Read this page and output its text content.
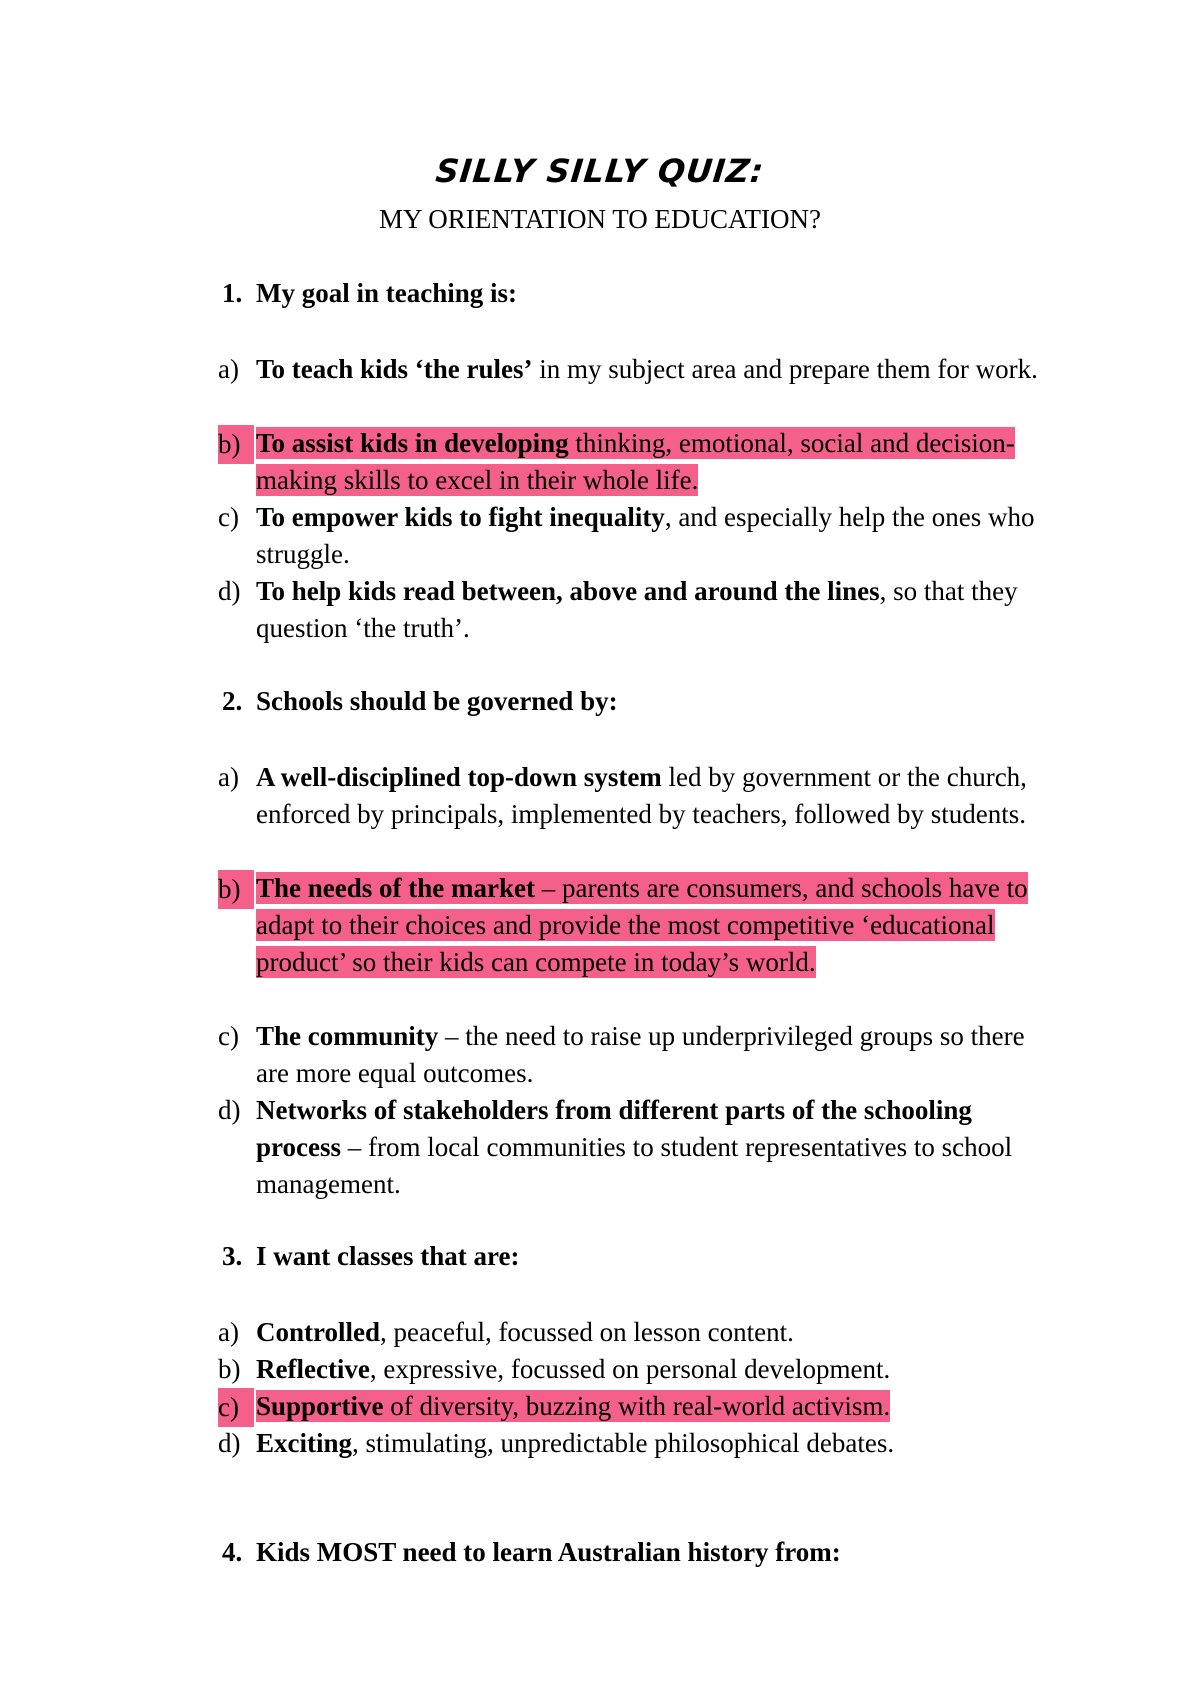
SILLY SILLY QUIZ:
MY ORIENTATION TO EDUCATION?
1. My goal in teaching is:
a) To teach kids ‘the rules’ in my subject area and prepare them for work.
b) To assist kids in developing thinking, emotional, social and decision-making skills to excel in their whole life.
c) To empower kids to fight inequality, and especially help the ones who struggle.
d) To help kids read between, above and around the lines, so that they question ‘the truth’.
2. Schools should be governed by:
a) A well-disciplined top-down system led by government or the church, enforced by principals, implemented by teachers, followed by students.
b) The needs of the market – parents are consumers, and schools have to adapt to their choices and provide the most competitive ‘educational product’ so their kids can compete in today’s world.
c) The community – the need to raise up underprivileged groups so there are more equal outcomes.
d) Networks of stakeholders from different parts of the schooling process – from local communities to student representatives to school management.
3. I want classes that are:
a) Controlled, peaceful, focussed on lesson content.
b) Reflective, expressive, focussed on personal development.
c) Supportive of diversity, buzzing with real-world activism.
d) Exciting, stimulating, unpredictable philosophical debates.
4. Kids MOST need to learn Australian history from:
